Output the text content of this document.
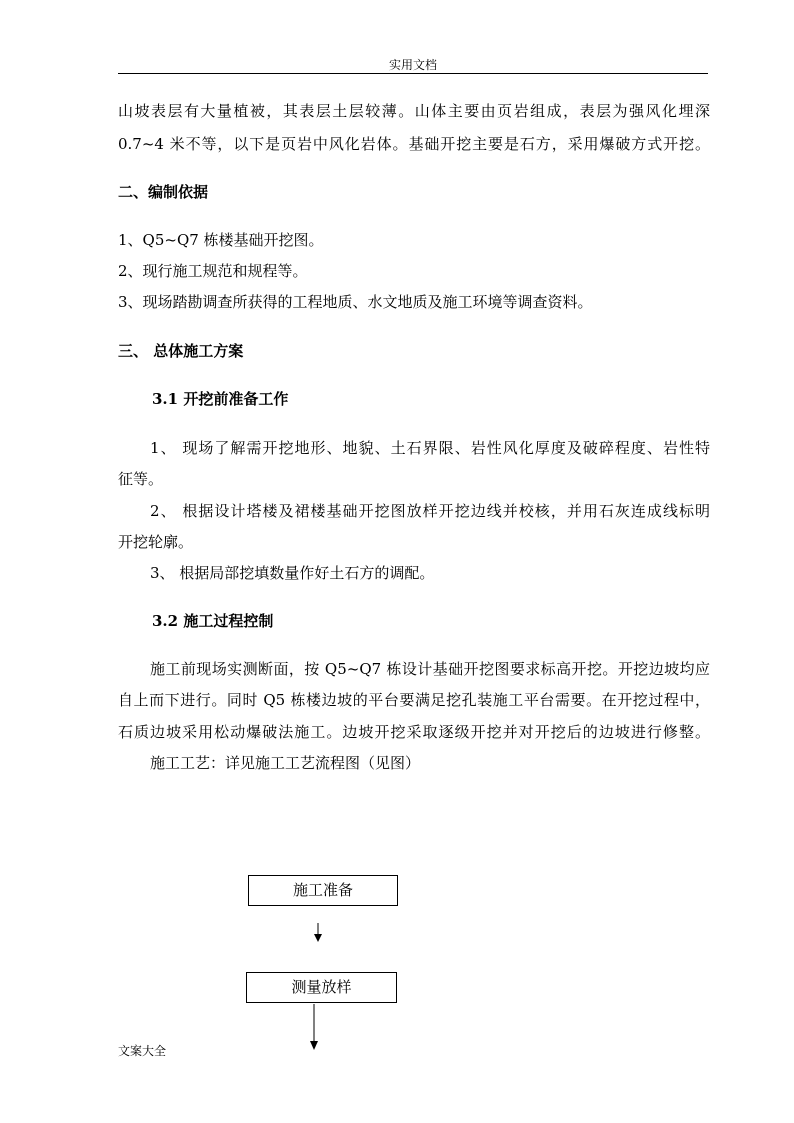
实用文档
山坡表层有大量植被，其表层土层较薄。山体主要由页岩组成，表层为强风化埋深
0.7~4 米不等，以下是页岩中风化岩体。基础开挖主要是石方，采用爆破方式开挖。
二、编制依据
1、Q5~Q7 栋楼基础开挖图。
2、现行施工规范和规程等。
3、现场踏勘调查所获得的工程地质、水文地质及施工环境等调查资料。
三、 总体施工方案
3.1 开挖前准备工作
1、 现场了解需开挖地形、地貌、土石界限、岩性风化厚度及破碎程度、岩性特
征等。
2、 根据设计塔楼及裙楼基础开挖图放样开挖边线并校核，并用石灰连成线标明
开挖轮廓。
3、 根据局部挖填数量作好土石方的调配。
3.2 施工过程控制
施工前现场实测断面，按 Q5~Q7 栋设计基础开挖图要求标高开挖。开挖边坡均应
自上而下进行。同时 Q5 栋楼边坡的平台要满足挖孔装施工平台需要。在开挖过程中，
石质边坡采用松动爆破法施工。边坡开挖采取逐级开挖并对开挖后的边坡进行修整。
施工工艺：详见施工工艺流程图（见图）
施工准备
测量放样
文案大全
